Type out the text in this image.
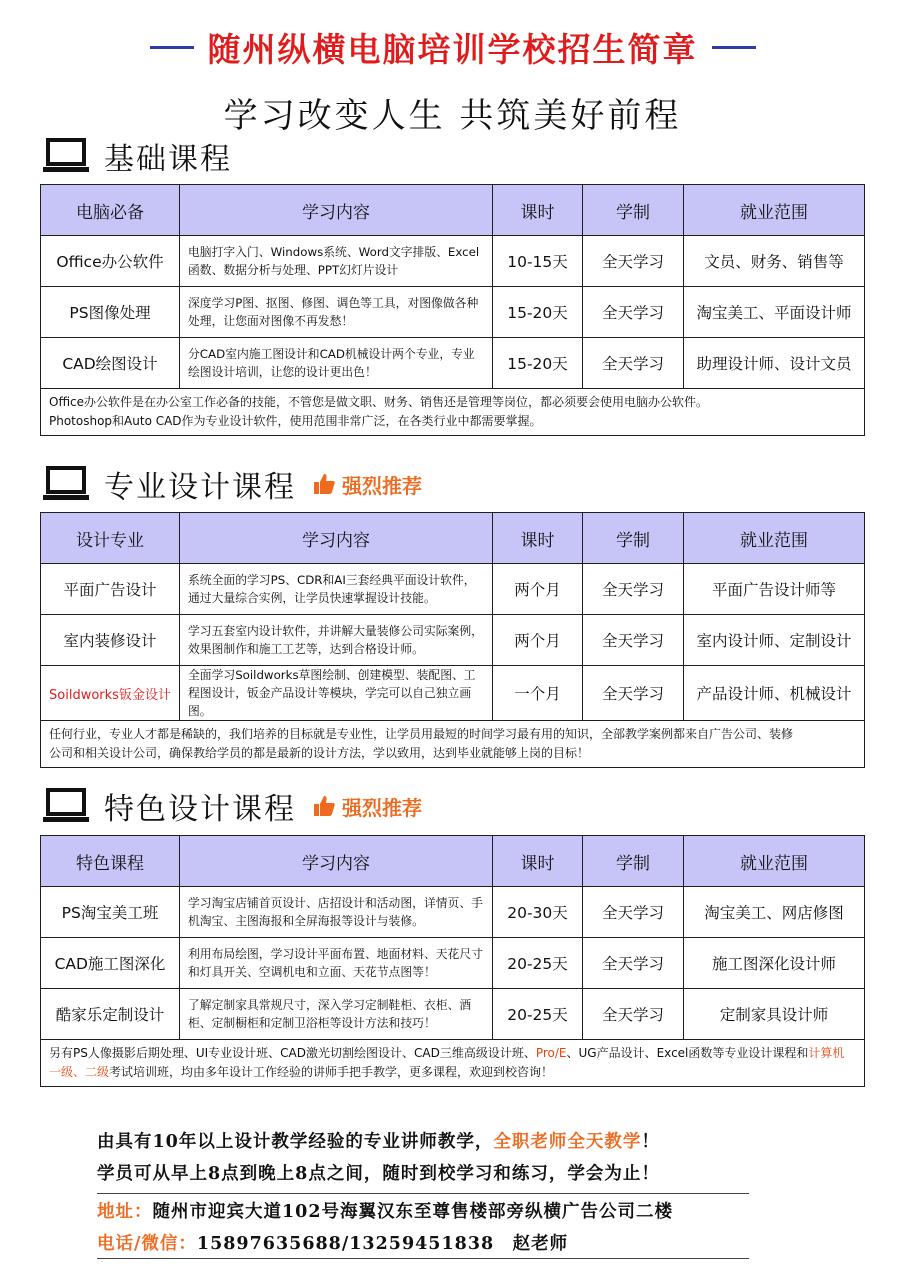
随州纵横电脑培训学校招生简章
学习改变人生 共筑美好前程
基础课程
电脑必备	学习内容	课时	学制	就业范围
Office办公软件	电脑打字入门、Windows系统、Word文字排版、Excel函数、数据分析与处理、PPT幻灯片设计	10-15天	全天学习	文员、财务、销售等
PS图像处理	深度学习P图、抠图、修图、调色等工具，对图像做各种处理，让您面对图像不再发愁！	15-20天	全天学习	淘宝美工、平面设计师
CAD绘图设计	分CAD室内施工图设计和CAD机械设计两个专业，专业绘图设计培训，让您的设计更出色！	15-20天	全天学习	助理设计师、设计文员

Office办公软件是在办公室工作必备的技能，不管您是做文职、财务、销售还是管理等岗位，都必须要会使用电脑办公软件。
Photoshop和Auto CAD作为专业设计软件，使用范围非常广泛，在各类行业中都需要掌握。				
专业设计课程 强烈推荐
设计专业	学习内容	课时	学制	就业范围
平面广告设计	系统全面的学习PS、CDR和AI三套经典平面设计软件，通过大量综合实例，让学员快速掌握设计技能。	两个月	全天学习	平面广告设计师等
室内装修设计	学习五套室内设计软件，并讲解大量装修公司实际案例，效果图制作和施工工艺等，达到合格设计师。	两个月	全天学习	室内设计师、定制设计
Soildworks钣金设计	全面学习Soildworks草图绘制、创建模型、装配图、工程图设计，钣金产品设计等模块，学完可以自己独立画图。	一个月	全天学习	产品设计师、机械设计

任何行业，专业人才都是稀缺的，我们培养的目标就是专业性，让学员用最短的时间学习最有用的知识，全部教学案例都来自广告公司、装修
公司和相关设计公司，确保教给学员的都是最新的设计方法，学以致用，达到毕业就能够上岗的目标！				
特色设计课程 强烈推荐
特色课程	学习内容	课时	学制	就业范围
PS淘宝美工班	学习淘宝店铺首页设计、店招设计和活动图，详情页、手机淘宝、主图海报和全屏海报等设计与装修。	20-30天	全天学习	淘宝美工、网店修图
CAD施工图深化	利用布局绘图，学习设计平面布置、地面材料、天花尺寸和灯具开关、空调机电和立面、天花节点图等！	20-25天	全天学习	施工图深化设计师
酷家乐定制设计	了解定制家具常规尺寸，深入学习定制鞋柜、衣柜、酒柜、定制橱柜和定制卫浴柜等设计方法和技巧！	20-25天	全天学习	定制家具设计师
另有PS人像摄影后期处理、UI专业设计班、CAD激光切割绘图设计、CAD三维高级设计班、Pro/E、UG产品设计、Excel函数等专业设计课程和计算机一级、二级考试培训班，均由多年设计工作经验的讲师手把手教学，更多课程，欢迎到校咨询！				
由具有10年以上设计教学经验的专业讲师教学，全职老师全天教学！
学员可从早上8点到晚上8点之间，随时到校学习和练习，学会为止！
地址：随州市迎宾大道102号海翼汉东至尊售楼部旁纵横广告公司二楼
电话/微信：15897635688/13259451838　赵老师
